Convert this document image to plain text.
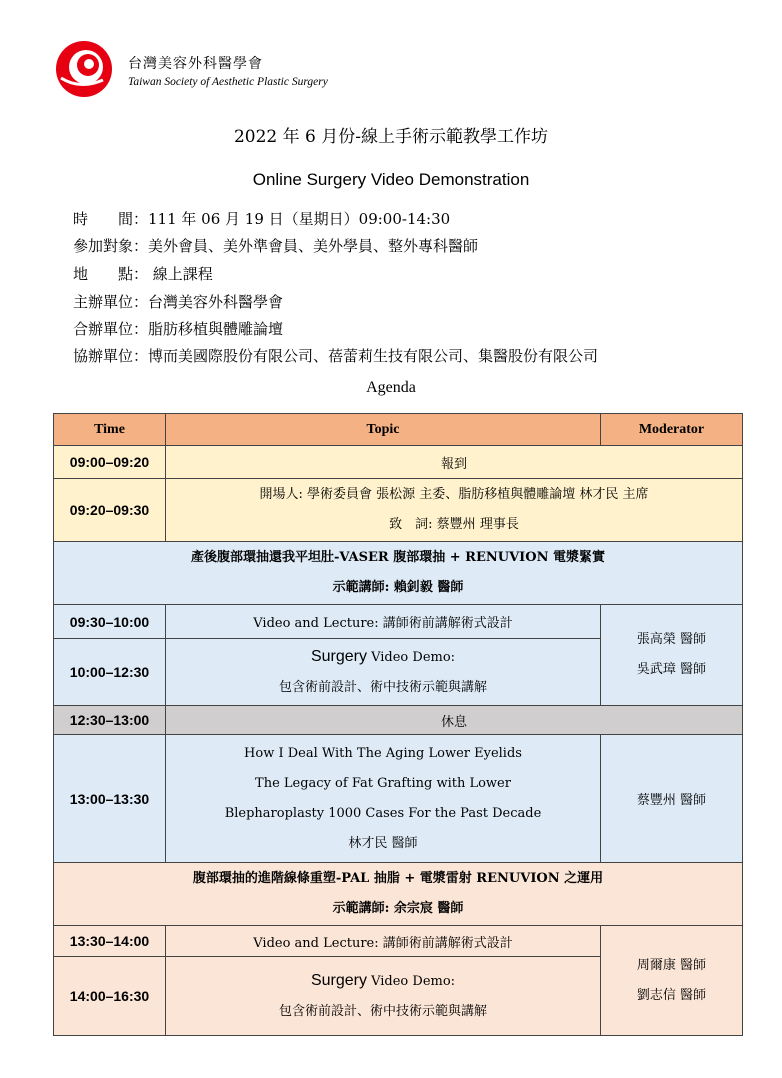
台灣美容外科醫學會
Taiwan Society of Aesthetic Plastic Surgery
2022 年 6 月份-線上手術示範教學工作坊
Online Surgery Video Demonstration
時　　間：111 年 06 月 19 日（星期日）09:00-14:30
參加對象：美外會員、美外準會員、美外學員、整外專科醫師
地　　點： 線上課程
主辦單位：台灣美容外科醫學會
合辦單位：脂肪移植與體雕論壇
協辦單位：博而美國際股份有限公司、蓓蕾莉生技有限公司、集醫股份有限公司
Agenda
Time	Topic	Moderator
09:00–09:20	報到	
09:20–09:30	開場人: 學術委員會 張松源 主委、脂肪移植與體雕論壇 林才民 主席
致　詞: 蔡豐州 理事長	

產後腹部環抽還我平坦肚-VASER 腹部環抽 + RENUVION 電漿緊實
示範講師: 賴釗毅 醫師		

09:30–10:00	Video and Lecture: 講師術前講解術式設計	張高榮 醫師
吳武璋 醫師

10:00–12:30	Surgery Video Demo:
包含術前設計、術中技術示範與講解	

12:30–13:00	休息	
13:00–13:30	How I Deal With The Aging Lower Eyelids
The Legacy of Fat Grafting with Lower
Blepharoplasty 1000 Cases For the Past Decade
林才民 醫師	蔡豐州 醫師

腹部環抽的進階線條重塑-PAL 抽脂 + 電漿雷射 RENUVION 之運用
示範講師: 余宗宸 醫師		

13:30–14:00	Video and Lecture: 講師術前講解術式設計	周爾康 醫師
劉志信 醫師

14:00–16:30	Surgery Video Demo:
包含術前設計、術中技術示範與講解	
